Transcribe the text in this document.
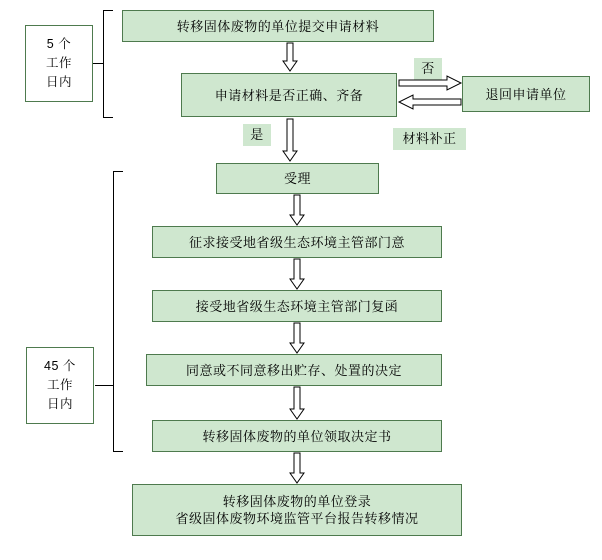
5 个
工作
日内
45 个
工作
日内
转移固体废物的单位提交申请材料
申请材料是否正确、齐备	退回申请单位
受理
征求接受地省级生态环境主管部门意
接受地省级生态环境主管部门复函
同意或不同意移出贮存、处置的决定
转移固体废物的单位领取决定书
转移固体废物的单位登录
省级固体废物环境监管平台报告转移情况
否
是	材料补正
